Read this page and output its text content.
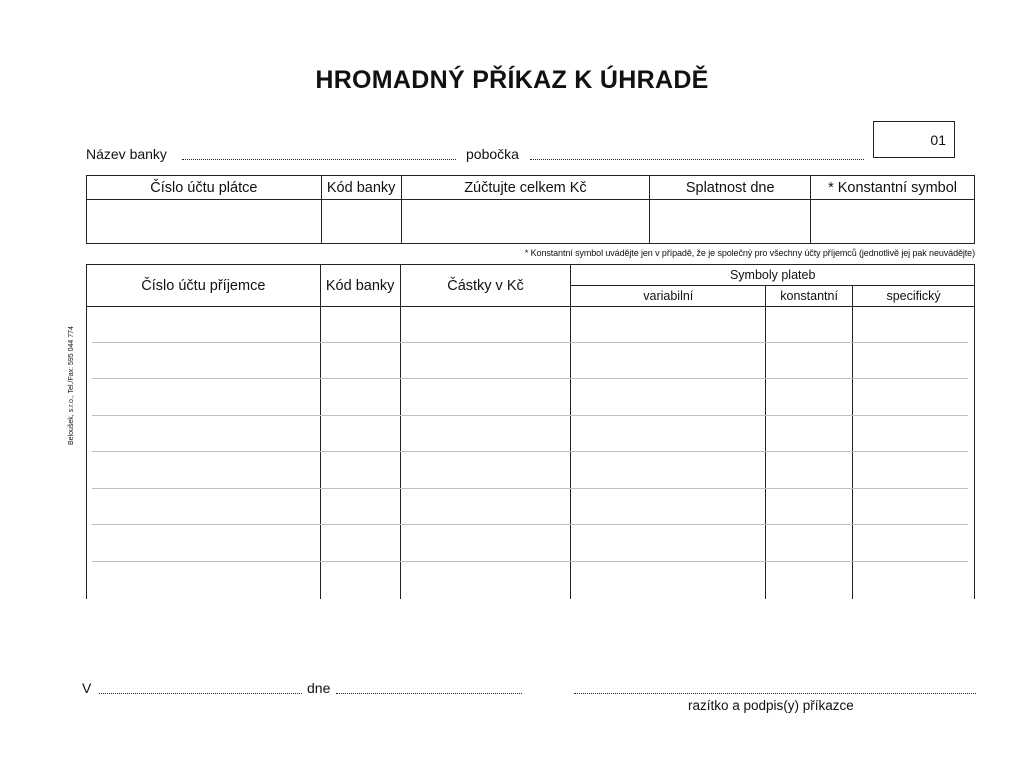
HROMADNÝ PŘÍKAZ K ÚHRADĚ
01
Název banky	pobočka
Číslo účtu plátce	Kód banky	Zúčtujte celkem Kč	Splatnost dne	* Konstantní symbol

* Konstantní symbol uvádějte jen v případě, že je společný pro všechny účty příjemců (jednotlivě jej pak neuvádějte)
Číslo účtu příjemce	Kód banky	Částky v Kč	Symboly plateb		
			variabilní	konstantní	specifický

Beloušek, s.r.o., Tel./Fax: 595 044 774
V	dne
razítko a podpis(y) příkazce
